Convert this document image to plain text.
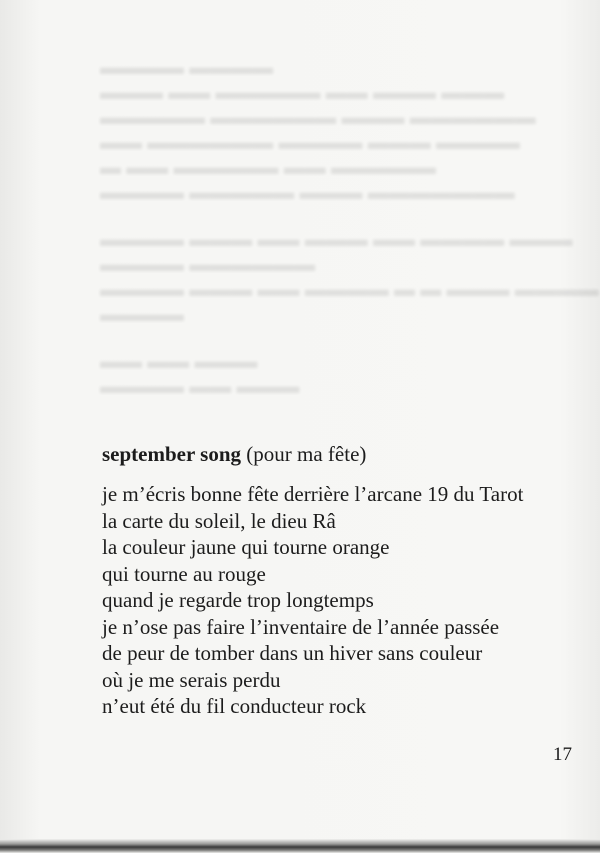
▬▬▬▬ ▬▬▬▬
▬▬▬ ▬▬ ▬▬▬▬▬ ▬▬ ▬▬▬ ▬▬▬
▬▬▬▬▬ ▬▬▬▬▬▬ ▬▬▬ ▬▬▬▬▬▬
▬▬ ▬▬▬▬▬▬ ▬▬▬▬ ▬▬▬ ▬▬▬▬
▬ ▬▬ ▬▬▬▬▬ ▬▬ ▬▬▬▬▬
▬▬▬▬ ▬▬▬▬▬ ▬▬▬ ▬▬▬▬▬▬▬
▬▬▬▬ ▬▬▬ ▬▬ ▬▬▬ ▬▬ ▬▬▬▬ ▬▬▬
▬▬▬▬ ▬▬▬▬▬▬
▬▬▬▬ ▬▬▬ ▬▬ ▬▬▬▬ ▬ ▬ ▬▬▬ ▬▬▬▬
▬▬▬▬
▬▬ ▬▬ ▬▬▬
▬▬▬▬ ▬▬ ▬▬▬
september song (pour ma fête)
je m’écris bonne fête derrière l’arcane 19 du Tarot
la carte du soleil, le dieu Râ
la couleur jaune qui tourne orange
qui tourne au rouge
quand je regarde trop longtemps
je n’ose pas faire l’inventaire de l’année passée
de peur de tomber dans un hiver sans couleur
où je me serais perdu
n’eut été du fil conducteur rock
17
